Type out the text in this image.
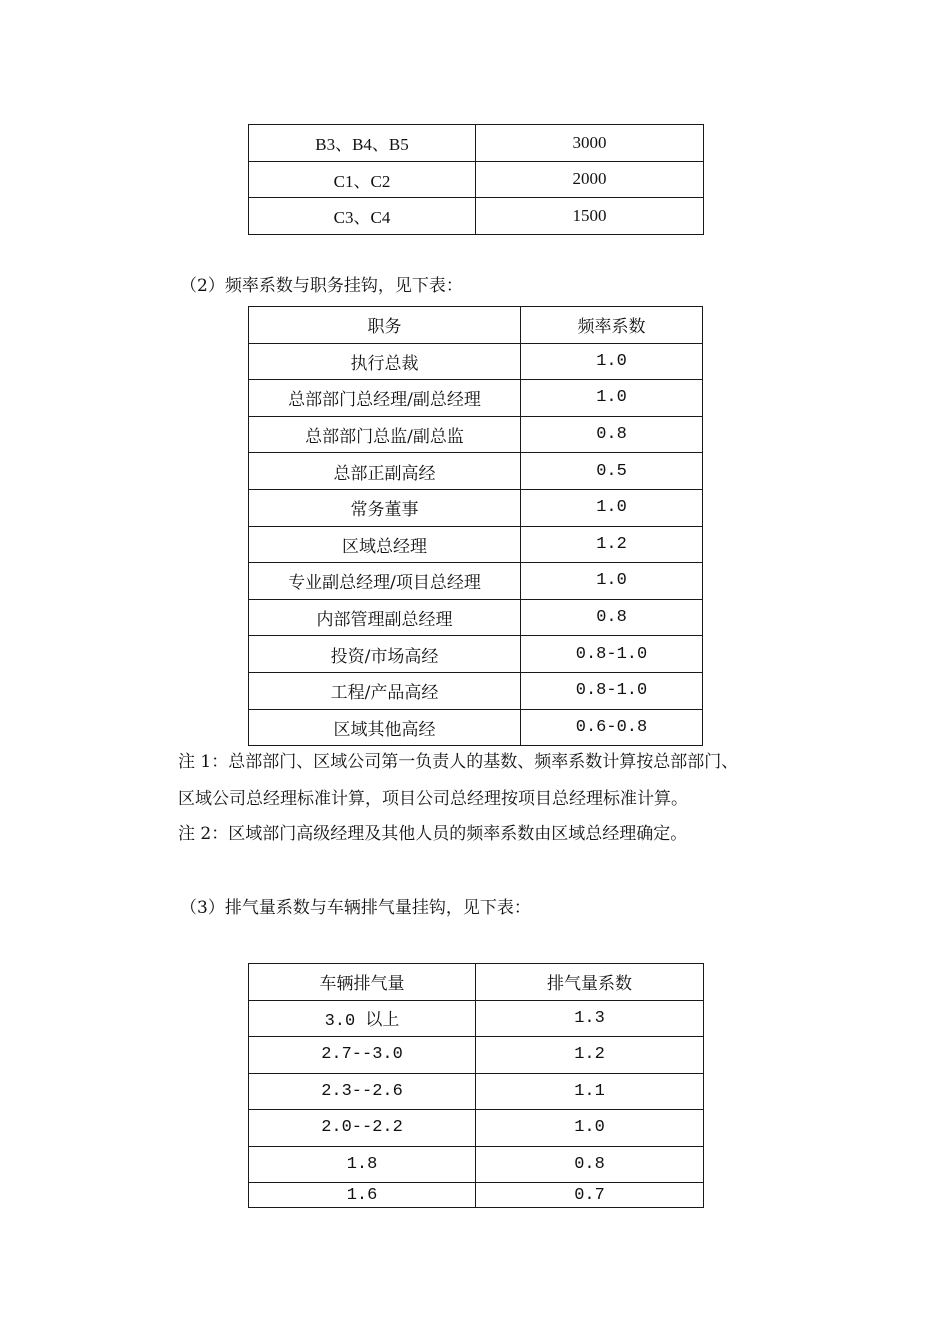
B3、B4、B5	3000
C1、C2	2000
C3、C4	1500
（2）频率系数与职务挂钩，见下表：
职务	频率系数
执行总裁	1.0
总部部门总经理/副总经理	1.0
总部部门总监/副总监	0.8
总部正副高经	0.5
常务董事	1.0
区域总经理	1.2
专业副总经理/项目总经理	1.0
内部管理副总经理	0.8
投资/市场高经	0.8-1.0
工程/产品高经	0.8-1.0
区域其他高经	0.6-0.8
注 1：总部部门、区域公司第一负责人的基数、频率系数计算按总部部门、
区域公司总经理标准计算，项目公司总经理按项目总经理标准计算。
注 2：区域部门高级经理及其他人员的频率系数由区域总经理确定。
（3）排气量系数与车辆排气量挂钩，见下表：
车辆排气量	排气量系数
3.0 以上	1.3
2.7--3.0	1.2
2.3--2.6	1.1
2.0--2.2	1.0
1.8	0.8
1.6	0.7
